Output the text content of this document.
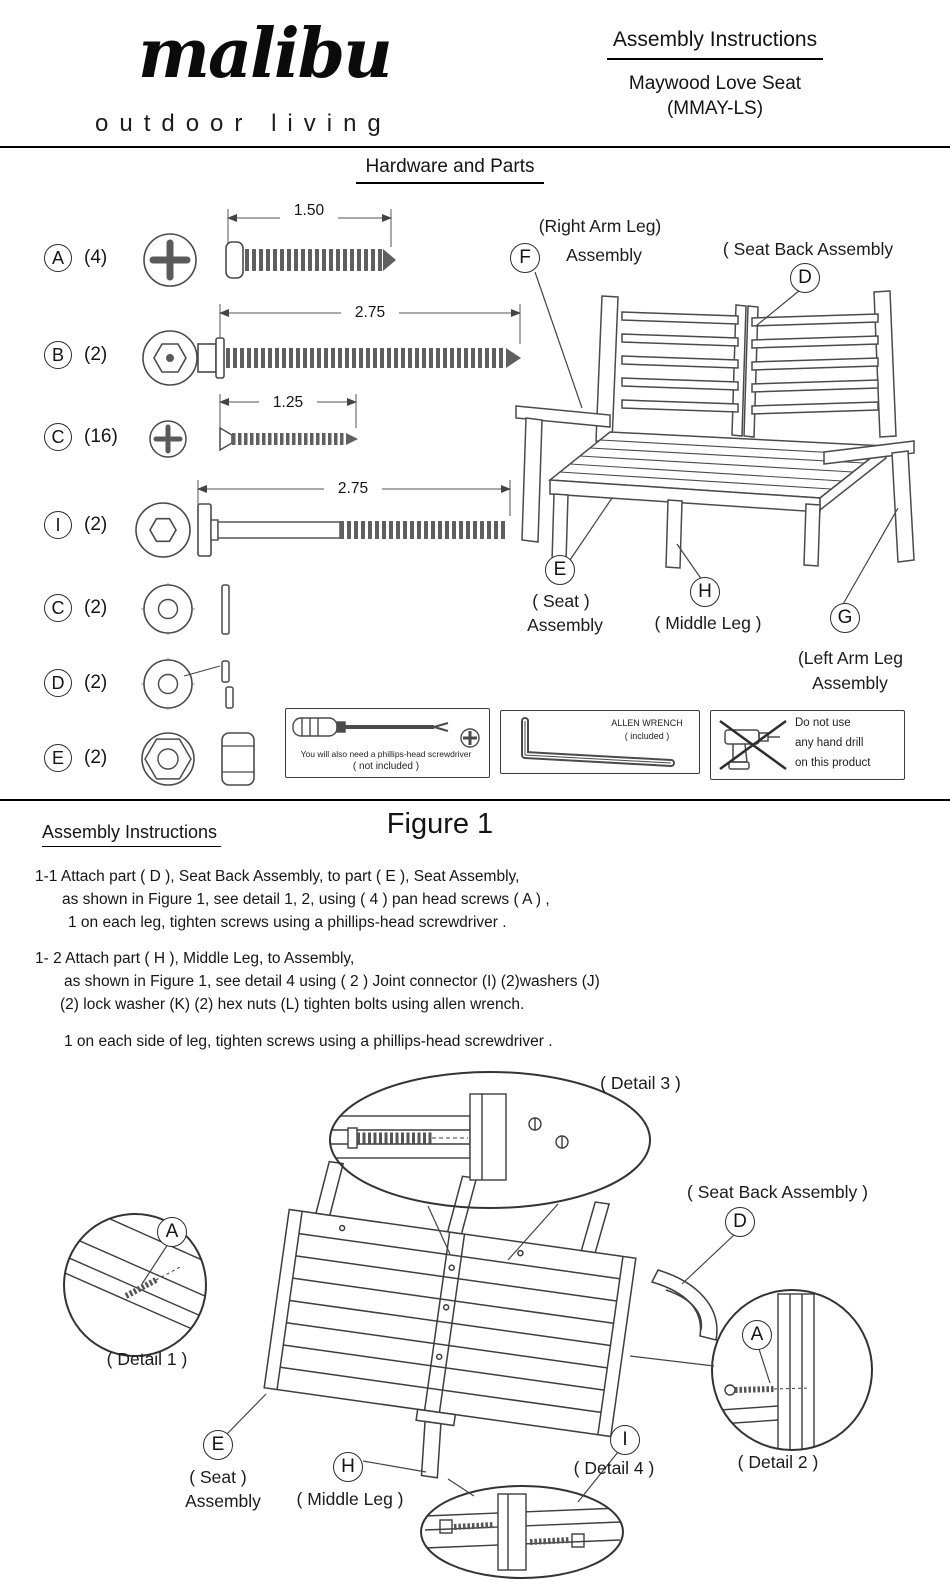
malibu
outdoor living
Assembly Instructions
Maywood Love Seat
(MMAY-LS)
Hardware and Parts
A	(4)
B	(2)
C	(16)
I	(2)
C	(2)
D	(2)
E	(2)
1.50
2.75
1.25
2.75
F
D
E
H
G
(Right Arm Leg)
Assembly	( Seat Back Assembly
( Seat )
Assembly	( Middle Leg )
(Left Arm Leg
Assembly
You will also need a phillips-head screwdriver
( not included )
ALLEN WRENCH
( included )
Do not use
any hand drill
on this product
Assembly Instructions	Figure 1
1-1 Attach part ( D ), Seat Back Assembly, to part ( E ), Seat Assembly,
as shown in Figure 1, see detail 1, 2, using ( 4 ) pan head screws ( A ) ,
1 on each leg, tighten screws using a phillips-head screwdriver .
1- 2 Attach part ( H ), Middle Leg, to Assembly,
as shown in Figure 1, see detail 4 using ( 2 ) Joint connector (I) (2)washers (J)
(2) lock washer (K) (2) hex nuts (L) tighten bolts using allen wrench.
1 on each side of leg, tighten screws using a phillips-head screwdriver .
D
A
A
E
H
I
( Detail 3 )
( Seat Back Assembly )
( Detail 1 )
( Detail 2 )
( Seat )
Assembly	( Middle Leg )
( Detail 4 )
